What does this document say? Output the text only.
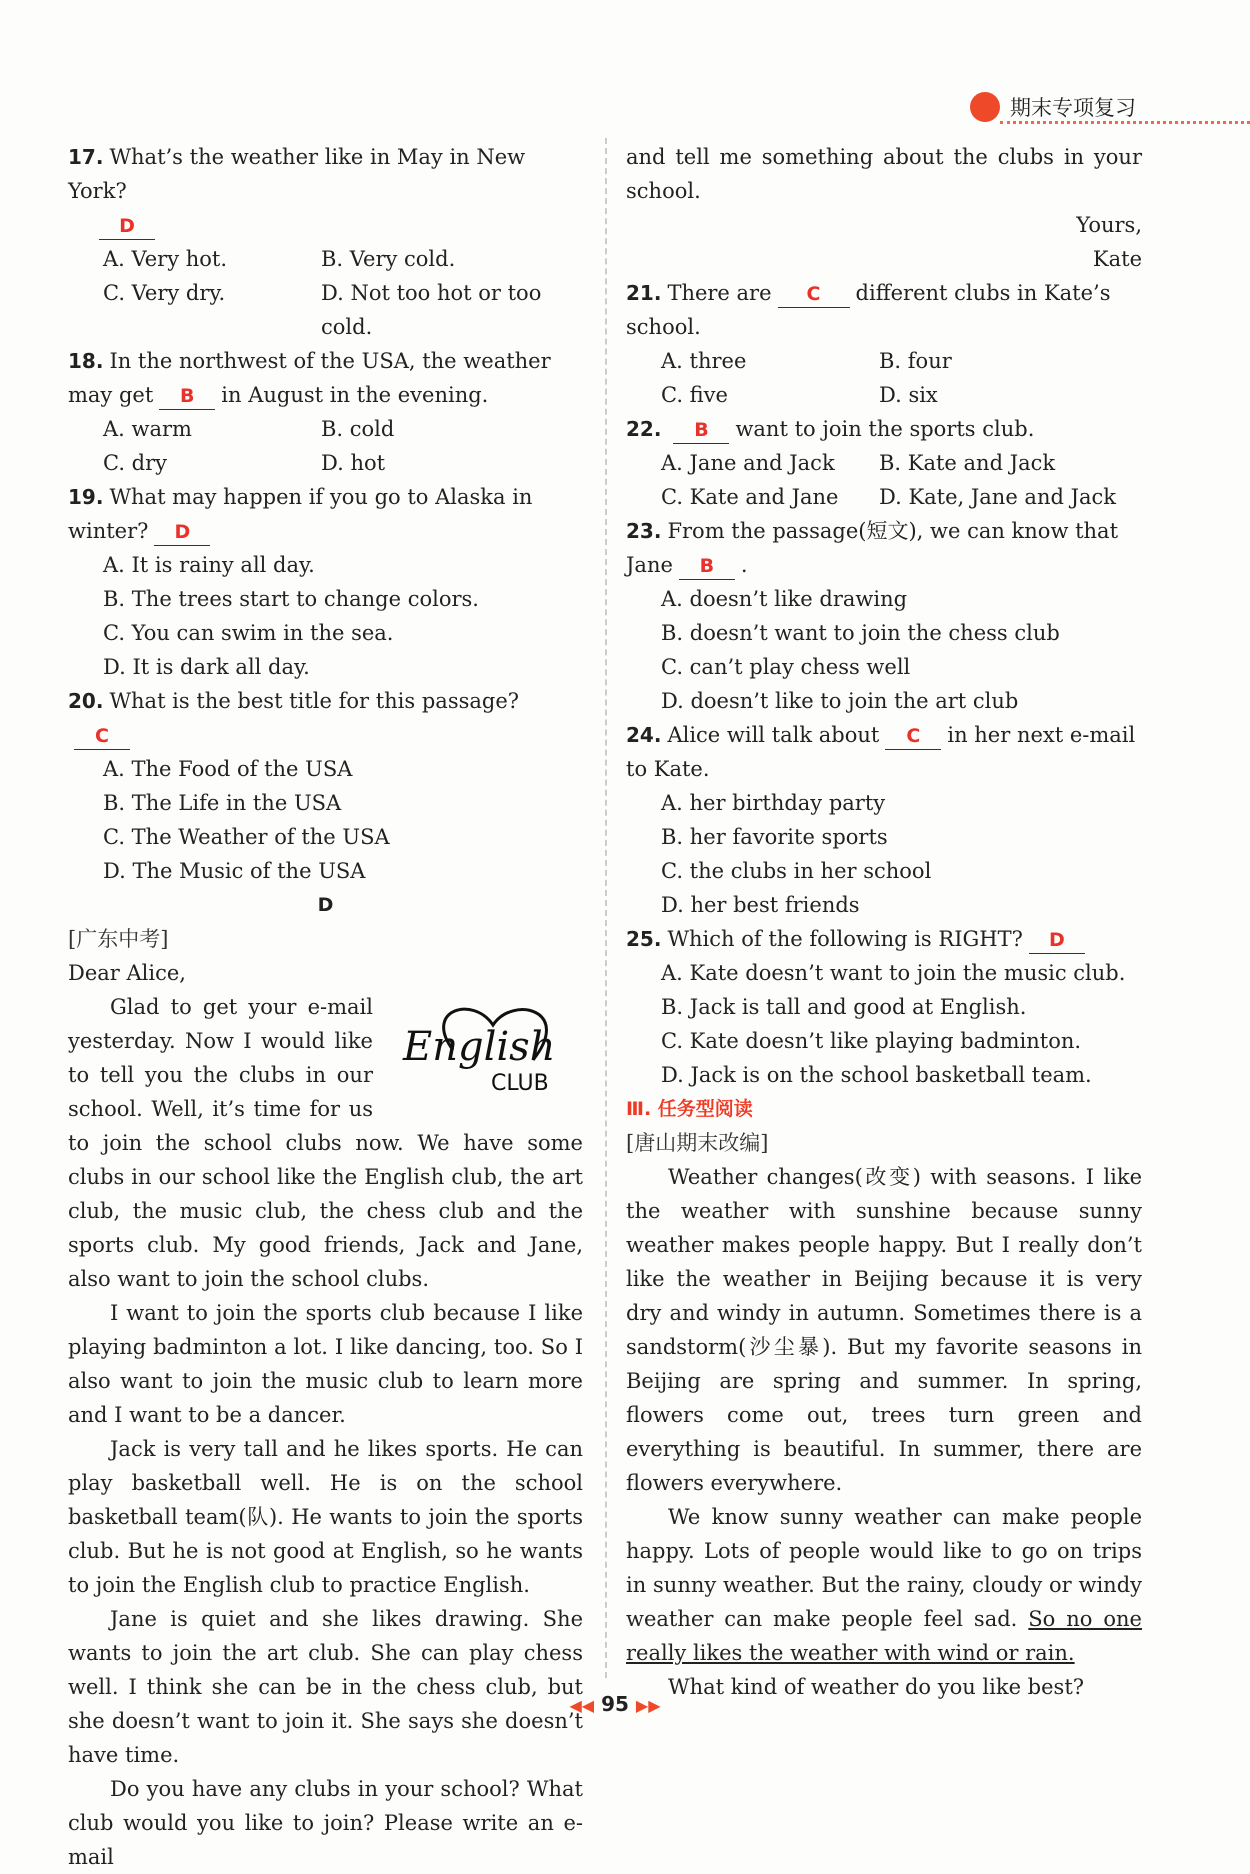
期末专项复习

17. What’s the weather like in May in New York?

D

A. Very hot.	B. Very cold.
C. Very dry.	D. Not too hot or too cold.

18. In the northwest of the USA, the weather may get B in August in the evening.

A. warm	B. cold
C. dry	D. hot

19. What may happen if you go to Alaska in winter? D

A. It is rainy all day.
B. The trees start to change colors.
C. You can swim in the sea.
D. It is dark all day.

20. What is the best title for this passage?C

A. The Food of the USA
B. The Life in the USA
C. The Weather of the USA
D. The Music of the USA

D

[广东中考]

Dear Alice,

English
CLUB

Glad to get your e-mail yesterday. Now I would like to tell you the clubs in our school. Well, it’s time for us to join the school clubs now. We have some clubs in our school like the English club, the art club, the music club, the chess club and the sports club. My good friends, Jack and Jane, also want to join the school clubs.

I want to join the sports club because I like playing badminton a lot. I like dancing, too. So I also want to join the music club to learn more and I want to be a dancer.

Jack is very tall and he likes sports. He can play basketball well. He is on the school basketball team(队). He wants to join the sports club. But he is not good at English, so he wants to join the English club to practice English.

Jane is quiet and she likes drawing. She wants to join the art club. She can play chess well. I think she can be in the chess club, but she doesn’t want to join it. She says she doesn’t have time.

Do you have any clubs in your school? What club would you like to join? Please write an e-mail

and tell me something about the clubs in your school.

Yours,

Kate

21. There are C different clubs in Kate’s school.

A. three	B. four
C. five	D. six

22. B want to join the sports club.

A. Jane and Jack	B. Kate and Jack
C. Kate and Jane	D. Kate, Jane and Jack

23. From the passage(短文), we can know that Jane B .

A. doesn’t like drawing
B. doesn’t want to join the chess club
C. can’t play chess well
D. doesn’t like to join the art club

24. Alice will talk about C in her next e-mail to Kate.

A. her birthday party
B. her favorite sports
C. the clubs in her school
D. her best friends

25. Which of the following is RIGHT? D

A. Kate doesn’t want to join the music club.
B. Jack is tall and good at English.
C. Kate doesn’t like playing badminton.
D. Jack is on the school basketball team.

Ⅲ. 任务型阅读

[唐山期末改编]

Weather changes(改变) with seasons. I like the weather with sunshine because sunny weather makes people happy. But I really don’t like the weather in Beijing because it is very dry and windy in autumn. Sometimes there is a sandstorm(沙尘暴). But my favorite seasons in Beijing are spring and summer. In spring, flowers come out, trees turn green and everything is beautiful. In summer, there are flowers everywhere.

We know sunny weather can make people happy. Lots of people would like to go on trips in sunny weather. But the rainy, cloudy or windy weather can make people feel sad. So no one really likes the weather with wind or rain.

What kind of weather do you like best?

◀◀ 95 ▶▶
